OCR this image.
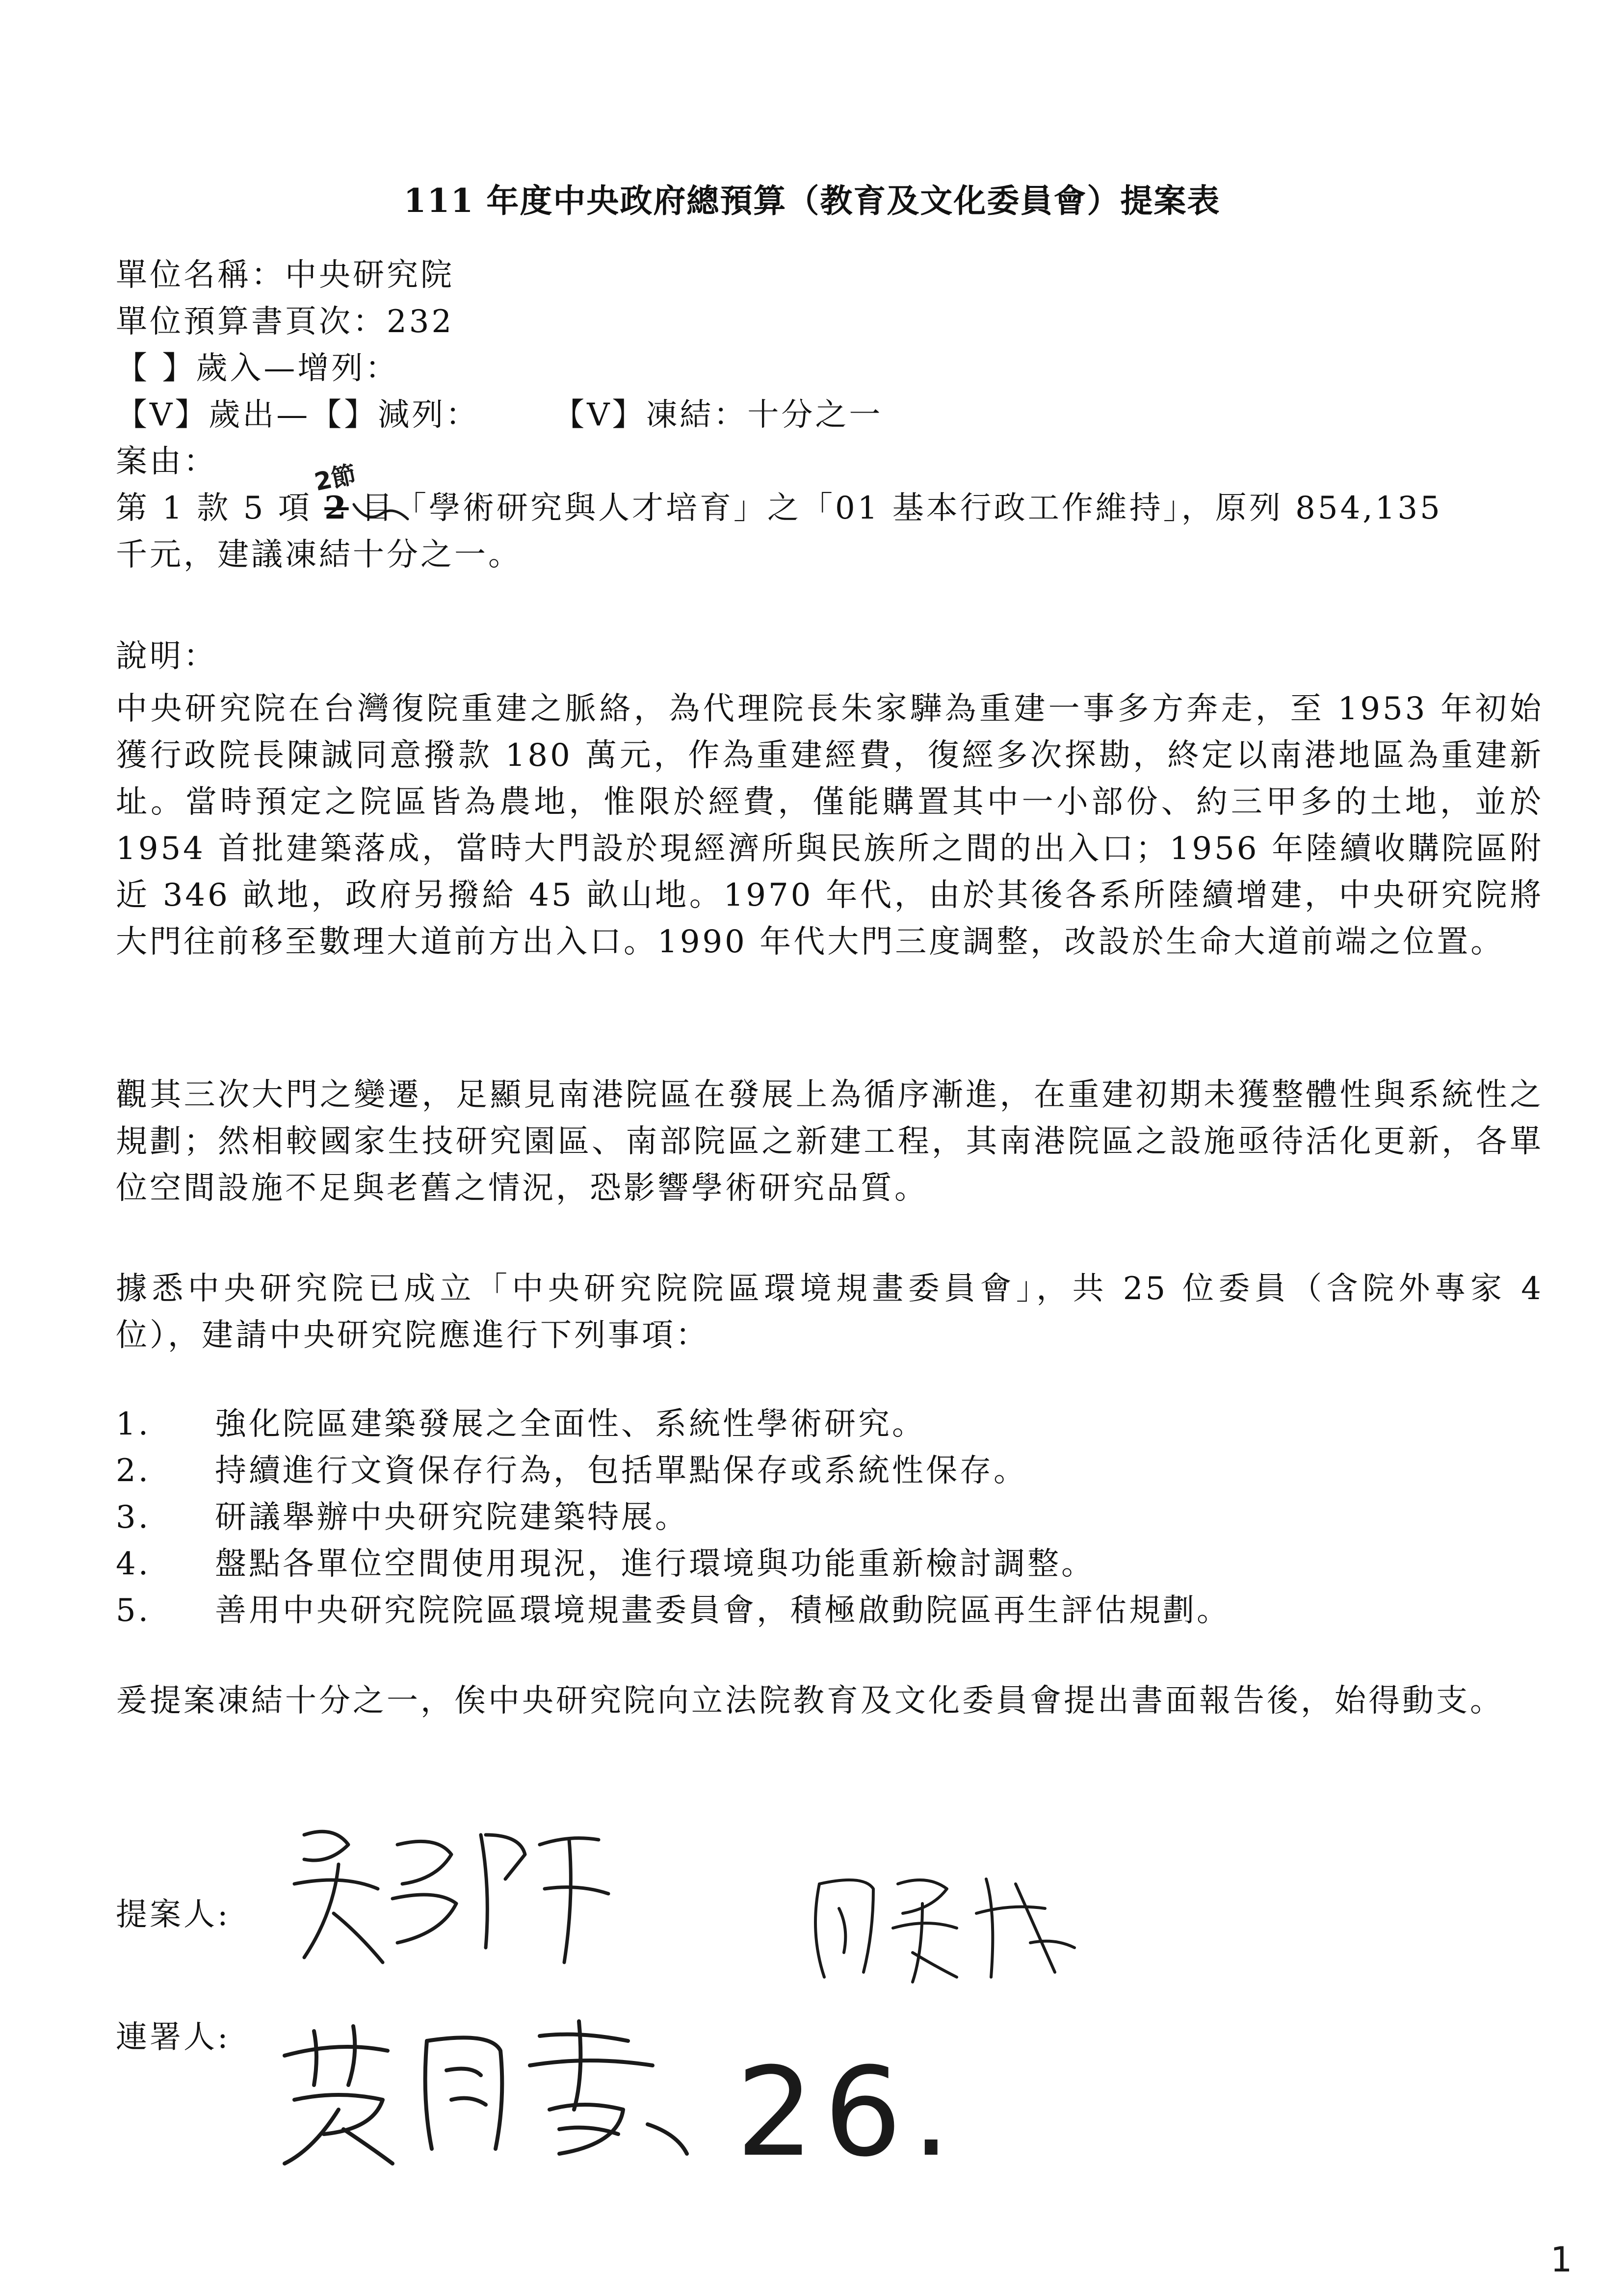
111 年度中央政府總預算（教育及文化委員會）提案表
單位名稱：中央研究院
單位預算書頁次：232
【 】歲入—增列：
【V】歲出—【】減列： 【V】凍結：十分之一
案由：	2節
第 1 款 5 項 2 目「學術研究與人才培育」之「01 基本行政工作維持」，原列 854,135
千元，建議凍結十分之一。
說明：
中央研究院在台灣復院重建之脈絡，為代理院長朱家驊為重建一事多方奔走，至 1953 年初始獲行政院長陳誠同意撥款 180 萬元，作為重建經費，復經多次探勘，終定以南港地區為重建新址。當時預定之院區皆為農地，惟限於經費，僅能購置其中一小部份、約三甲多的土地，並於 1954 首批建築落成，當時大門設於現經濟所與民族所之間的出入口；1956 年陸續收購院區附近 346 畝地，政府另撥給 45 畝山地。1970 年代，由於其後各系所陸續增建，中央研究院將大門往前移至數理大道前方出入口。1990 年代大門三度調整，改設於生命大道前端之位置。
觀其三次大門之變遷，足顯見南港院區在發展上為循序漸進，在重建初期未獲整體性與系統性之規劃；然相較國家生技研究園區、南部院區之新建工程，其南港院區之設施亟待活化更新，各單位空間設施不足與老舊之情況，恐影響學術研究品質。
據悉中央研究院已成立「中央研究院院區環境規畫委員會」，共 25 位委員（含院外專家 4 位），建請中央研究院應進行下列事項：
1. 強化院區建築發展之全面性、系統性學術研究。
2. 持續進行文資保存行為，包括單點保存或系統性保存。
3. 研議舉辦中央研究院建築特展。
4. 盤點各單位空間使用現況，進行環境與功能重新檢討調整。
5. 善用中央研究院院區環境規畫委員會，積極啟動院區再生評估規劃。
爰提案凍結十分之一，俟中央研究院向立法院教育及文化委員會提出書面報告後，始得動支。
提案人:
連署人:
26.
1
